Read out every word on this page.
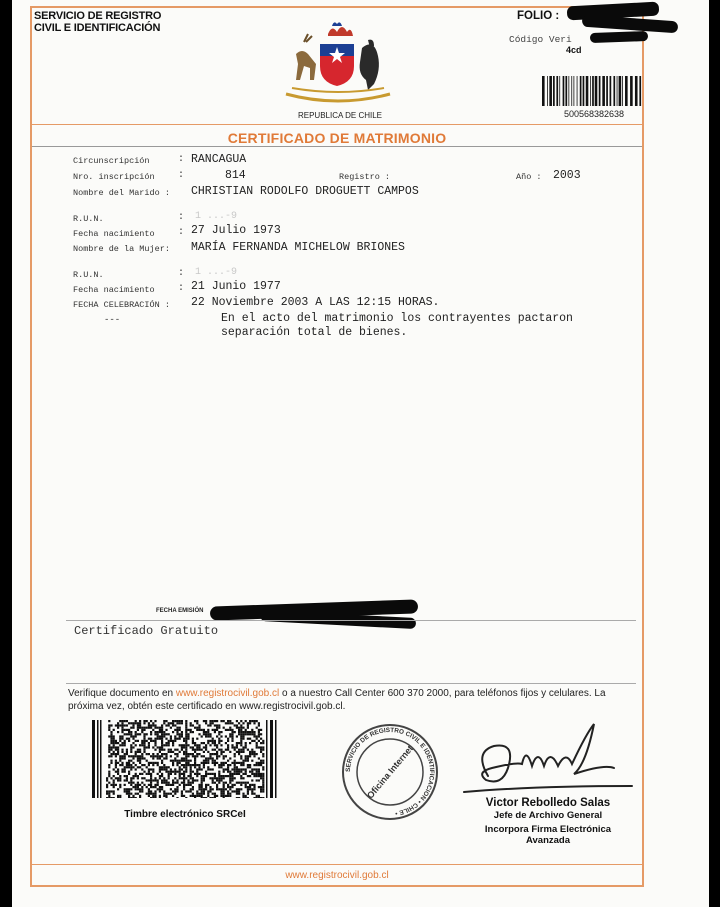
SERVICIO DE REGISTRO
CIVIL E IDENTIFICACIÓN
FOLIO :
Código Veri
4cd
REPUBLICA DE CHILE	500568382638
CERTIFICADO DE MATRIMONIO
Circunscripción	: RANCAGUA
Nro. inscripción :	814	Registro :	Año : 2003
Nombre del Marido : CHRISTIAN RODOLFO DROGUETT CAMPOS
R.U.N.	: 1 ...-9
Fecha nacimiento : 27 Julio 1973
Nombre de la Mujer: MARÍA FERNANDA MICHELOW BRIONES
R.U.N.	: 1 ...-9
Fecha nacimiento : 21 Junio 1977
FECHA CELEBRACIÓN : 22 Noviembre 2003 A LAS 12:15 HORAS.
---	En el acto del matrimonio los contrayentes pactaron
separación total de bienes.
FECHA EMISIÓN
Certificado Gratuito
Verifique documento en www.registrocivil.gob.cl o a nuestro Call Center 600 370 2000, para teléfonos fijos y celulares. La próxima vez, obtén este certificado en www.registrocivil.gob.cl.
Timbre electrónico SRCeI
SERVICIO DE REGISTRO CIVIL E IDENTIFICACION • CHILE •
Oficina Internet
Victor Rebolledo Salas
Jefe de Archivo General
Incorpora Firma Electrónica
Avanzada
www.registrocivil.gob.cl
